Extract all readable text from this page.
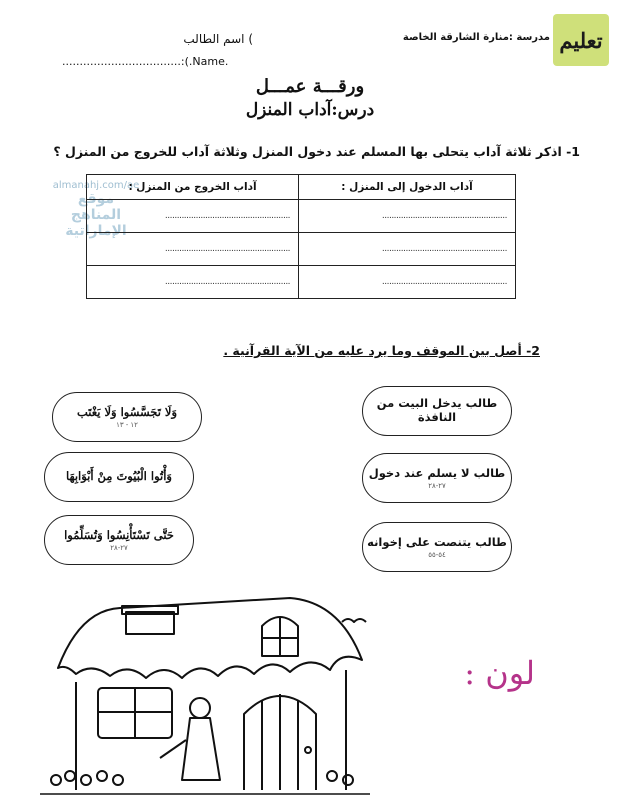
تعليم
مدرسة :منارة الشارقة الخاصة
اسم الطالب (
..................................:(.Name.
ورقـــة عمـــل
درس:آداب المنزل
1- اذكر ثلاثة آداب يتحلى بها المسلم عند دخول المنزل وثلاثة آداب للخروج من المنزل ؟
almanahj.com/ae
موقع
المناهج الإماراتية
آداب الدخول إلى المنزل :	آداب الخروج من المنزل :
.....................................................	.....................................................
.....................................................	.....................................................
.....................................................	.....................................................
2- أصل بين الموقف وما يرد عليه من الآية القرآنية .
طالب يدخل البيت من النافذة
طالب لا يسلم عند دخول
٢٧-٢٨
طالب يتنصت على إخوانه
٥٤-٥٥
وَلَا تَجَسَّسُوا وَلَا يَغْتَب
١٢ - ١٣
وَأْتُوا الْبُيُوتَ مِنْ أَبْوَابِهَا
حَتَّى تَسْتَأْنِسُوا وَتُسَلِّمُوا
٢٧-٢٨
لون :
